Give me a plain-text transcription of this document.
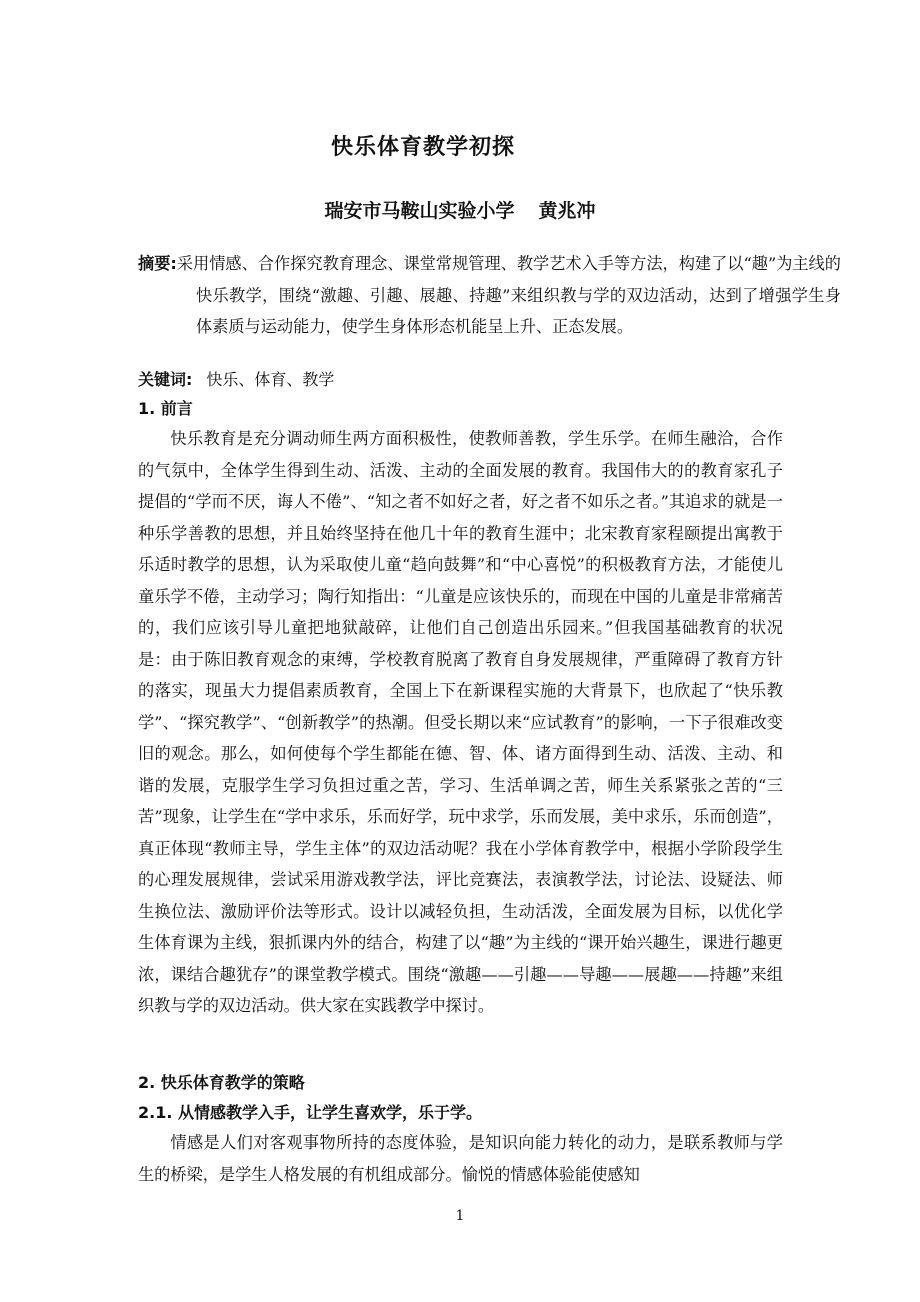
快乐体育教学初探
瑞安市马鞍山实验小学 黄兆冲
摘要:采用情感、合作探究教育理念、课堂常规管理、教学艺术入手等方法，构建了以“趣”为主线的快乐教学，围绕“激趣、引趣、展趣、持趣”来组织教与学的双边活动，达到了增强学生身体素质与运动能力，使学生身体形态机能呈上升、正态发展。
关键词: 快乐、体育、教学
1. 前言
快乐教育是充分调动师生两方面积极性，使教师善教，学生乐学。在师生融洽，合作的气氛中，全体学生得到生动、活泼、主动的全面发展的教育。我国伟大的的教育家孔子提倡的“学而不厌，诲人不倦”、“知之者不如好之者，好之者不如乐之者。”其追求的就是一种乐学善教的思想，并且始终坚持在他几十年的教育生涯中；北宋教育家程颐提出寓教于乐适时教学的思想，认为采取使儿童“趋向鼓舞”和“中心喜悦”的积极教育方法，才能使儿童乐学不倦，主动学习；陶行知指出：“儿童是应该快乐的，而现在中国的儿童是非常痛苦的，我们应该引导儿童把地狱敲碎，让他们自己创造出乐园来。”但我国基础教育的状况是：由于陈旧教育观念的束缚，学校教育脱离了教育自身发展规律，严重障碍了教育方针的落实，现虽大力提倡素质教育，全国上下在新课程实施的大背景下，也欣起了“快乐教学”、“探究教学”、“创新教学”的热潮。但受长期以来“应试教育”的影响，一下子很难改变旧的观念。那么，如何使每个学生都能在德、智、体、诸方面得到生动、活泼、主动、和谐的发展，克服学生学习负担过重之苦，学习、生活单调之苦，师生关系紧张之苦的“三苦”现象，让学生在“学中求乐，乐而好学，玩中求学，乐而发展，美中求乐，乐而创造”，真正体现“教师主导，学生主体”的双边活动呢？我在小学体育教学中，根据小学阶段学生的心理发展规律，尝试采用游戏教学法，评比竞赛法，表演教学法，讨论法、设疑法、师生换位法、激励评价法等形式。设计以减轻负担，生动活泼，全面发展为目标，以优化学生体育课为主线，狠抓课内外的结合，构建了以“趣”为主线的“课开始兴趣生，课进行趣更浓，课结合趣犹存”的课堂教学模式。围绕“激趣——引趣——导趣——展趣——持趣”来组织教与学的双边活动。供大家在实践教学中探讨。
2. 快乐体育教学的策略
2.1. 从情感教学入手，让学生喜欢学，乐于学。
情感是人们对客观事物所持的态度体验，是知识向能力转化的动力，是联系教师与学生的桥梁，是学生人格发展的有机组成部分。愉悦的情感体验能使感知
1
